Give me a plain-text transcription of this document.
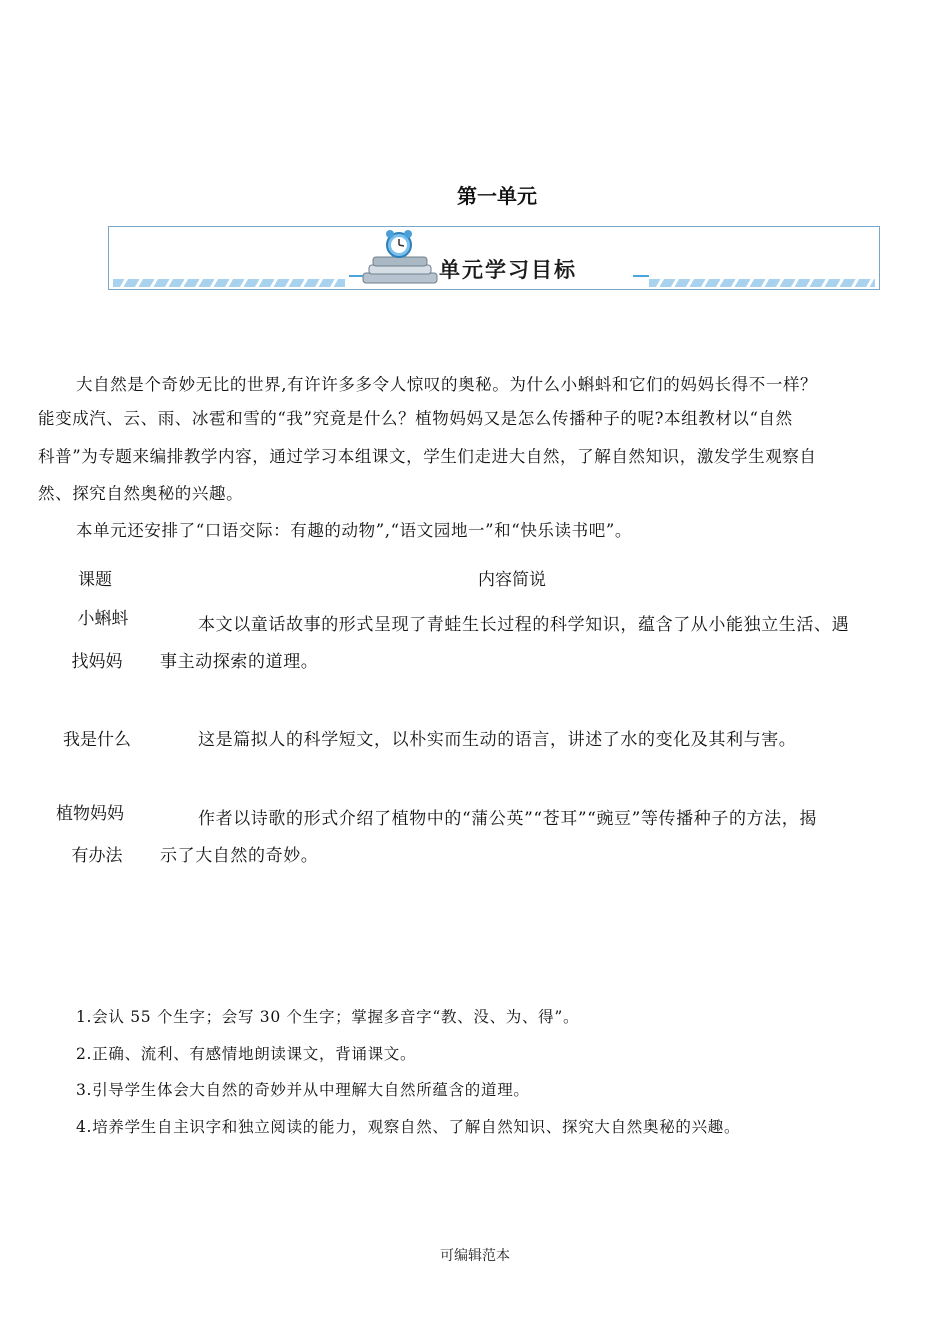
第一单元
单元学习目标
大自然是个奇妙无比的世界,有许许多多令人惊叹的奥秘。为什么小蝌蚪和它们的妈妈长得不一样？
能变成汽、云、雨、冰雹和雪的“我”究竟是什么？植物妈妈又是怎么传播种子的呢?本组教材以“自然
科普”为专题来编排教学内容，通过学习本组课文，学生们走进大自然，了解自然知识，激发学生观察自
然、探究自然奥秘的兴趣。
本单元还安排了“口语交际：有趣的动物”,“语文园地一”和“快乐读书吧”。
课题	内容简说
小蝌蚪
找妈妈
本文以童话故事的形式呈现了青蛙生长过程的科学知识，蕴含了从小能独立生活、遇
事主动探索的道理。
我是什么	这是篇拟人的科学短文，以朴实而生动的语言，讲述了水的变化及其利与害。
植物妈妈
有办法
作者以诗歌的形式介绍了植物中的“蒲公英”“苍耳”“豌豆”等传播种子的方法，揭
示了大自然的奇妙。
1.会认 55 个生字；会写 30 个生字；掌握多音字“教、没、为、得”。
2.正确、流利、有感情地朗读课文，背诵课文。
3.引导学生体会大自然的奇妙并从中理解大自然所蕴含的道理。
4.培养学生自主识字和独立阅读的能力，观察自然、了解自然知识、探究大自然奥秘的兴趣。
可编辑范本
